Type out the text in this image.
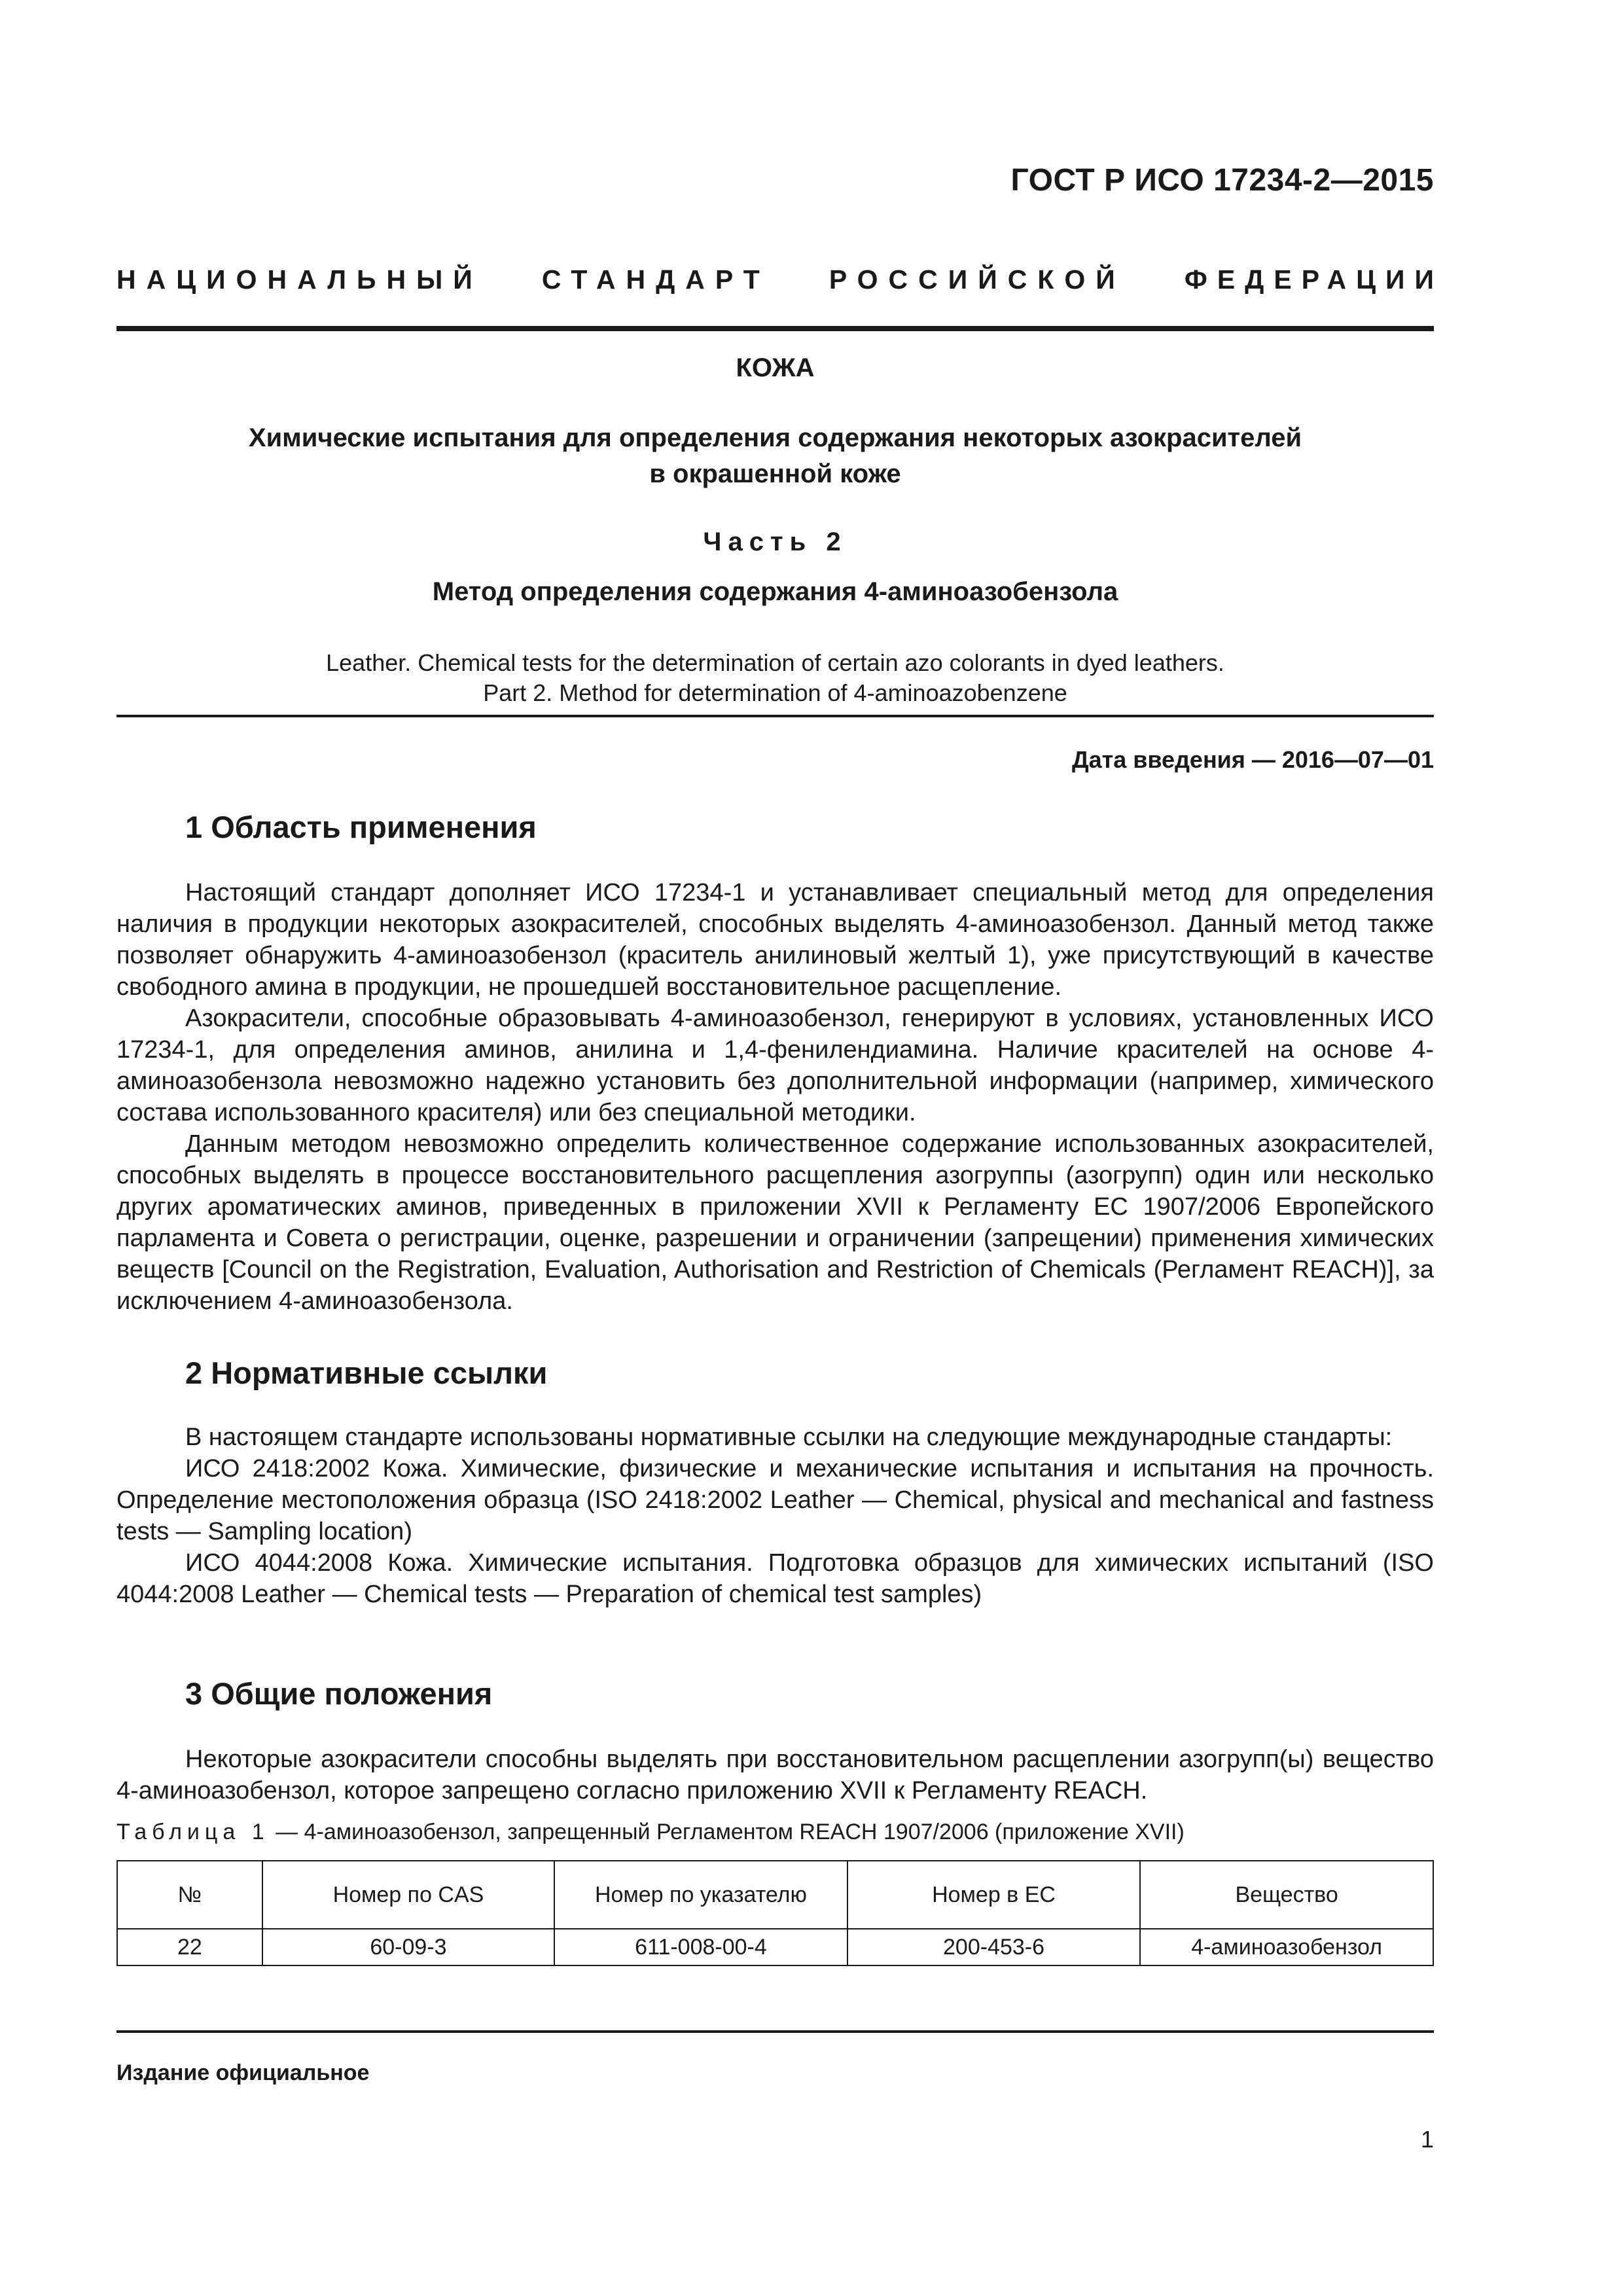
ГОСТ Р ИСО 17234-2—2015
НАЦИОНАЛЬНЫЙ СТАНДАРТ РОССИЙСКОЙ ФЕДЕРАЦИИ
КОЖА
Химические испытания для определения содержания некоторых азокрасителей
в окрашенной коже
Часть 2
Метод определения содержания 4-аминоазобензола
Leather. Chemical tests for the determination of certain azo colorants in dyed leathers.
Part 2. Method for determination of 4-aminoazobenzene
Дата введения — 2016—07—01
1 Область применения

Настоящий стандарт дополняет ИСО 17234-1 и устанавливает специальный метод для определения наличия в продукции некоторых азокрасителей, способных выделять 4-аминоазобензол. Данный метод также позволяет обнаружить 4-аминоазобензол (краситель анилиновый желтый 1), уже присутствующий в качестве свободного амина в продукции, не прошедшей восстановительное расщепление.

Азокрасители, способные образовывать 4-аминоазобензол, генерируют в условиях, установленных ИСО 17234-1, для определения аминов, анилина и 1,4-фенилендиамина. Наличие красителей на основе 4-аминоазобензола невозможно надежно установить без дополнительной информации (например, химического состава использованного красителя) или без специальной методики.

Данным методом невозможно определить количественное содержание использованных азокрасителей, способных выделять в процессе восстановительного расщепления азогруппы (азогрупп) один или несколько других ароматических аминов, приведенных в приложении XVII к Регламенту ЕС 1907/2006 Европейского парламента и Совета о регистрации, оценке, разрешении и ограничении (запрещении) применения химических веществ [Council on the Registration, Evaluation, Authorisation and Restriction of Chemicals (Регламент REACH)], за исключением 4-аминоазобензола.

2 Нормативные ссылки

В настоящем стандарте использованы нормативные ссылки на следующие международные стандарты:

ИСО 2418:2002 Кожа. Химические, физические и механические испытания и испытания на прочность. Определение местоположения образца (ISO 2418:2002 Leather — Chemical, physical and mechanical and fastness tests — Sampling location)

ИСО 4044:2008 Кожа. Химические испытания. Подготовка образцов для химических испытаний (ISO 4044:2008 Leather — Chemical tests — Preparation of chemical test samples)

3 Общие положения

Некоторые азокрасители способны выделять при восстановительном расщеплении азогрупп(ы) вещество 4-аминоазобензол, которое запрещено согласно приложению XVII к Регламенту REACH.

Таблица 1 — 4-аминоазобензол, запрещенный Регламентом REACH 1907/2006 (приложение XVII)
№	Номер по CAS	Номер по указателю	Номер в ЕС	Вещество
22	60-09-3	611-008-00-4	200-453-6	4-аминоазобензол
Издание официальное
1
